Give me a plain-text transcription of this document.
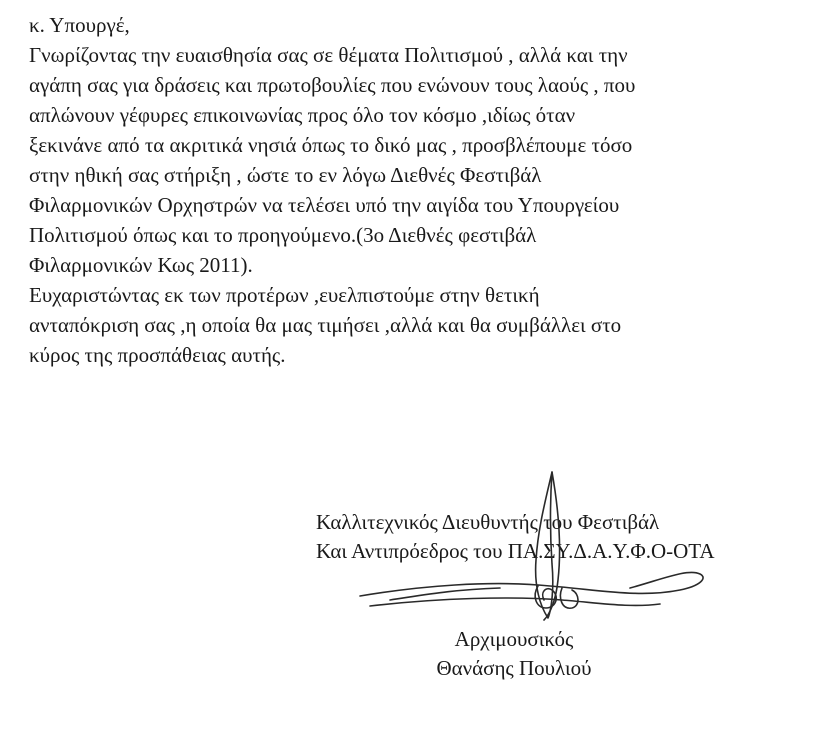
κ. Υπουργέ,
Γνωρίζοντας την ευαισθησία σας σε θέματα Πολιτισμού , αλλά και την
αγάπη σας για δράσεις και πρωτοβουλίες που ενώνουν τους λαούς , που
απλώνουν γέφυρες επικοινωνίας προς όλο τον κόσμο ,ιδίως όταν
ξεκινάνε από τα ακριτικά νησιά όπως το δικό μας , προσβλέπουμε τόσο
στην ηθική σας στήριξη , ώστε το εν λόγω Διεθνές Φεστιβάλ
Φιλαρμονικών Ορχηστρών να τελέσει υπό την αιγίδα του Υπουργείου
Πολιτισμού όπως και το προηγούμενο.(3ο Διεθνές φεστιβάλ
Φιλαρμονικών Κως 2011).
Ευχαριστώντας εκ των προτέρων ,ευελπιστούμε στην θετική
ανταπόκριση σας ,η οποία θα μας τιμήσει ,αλλά και θα συμβάλλει στο
κύρος της προσπάθειας αυτής.
Καλλιτεχνικός Διευθυντής του Φεστιβάλ
Και Αντιπρόεδρος του ΠΑ.ΣΥ.Δ.Α.Υ.Φ.Ο-ΟΤΑ
Αρχιμουσικός
Θανάσης Πουλιού
